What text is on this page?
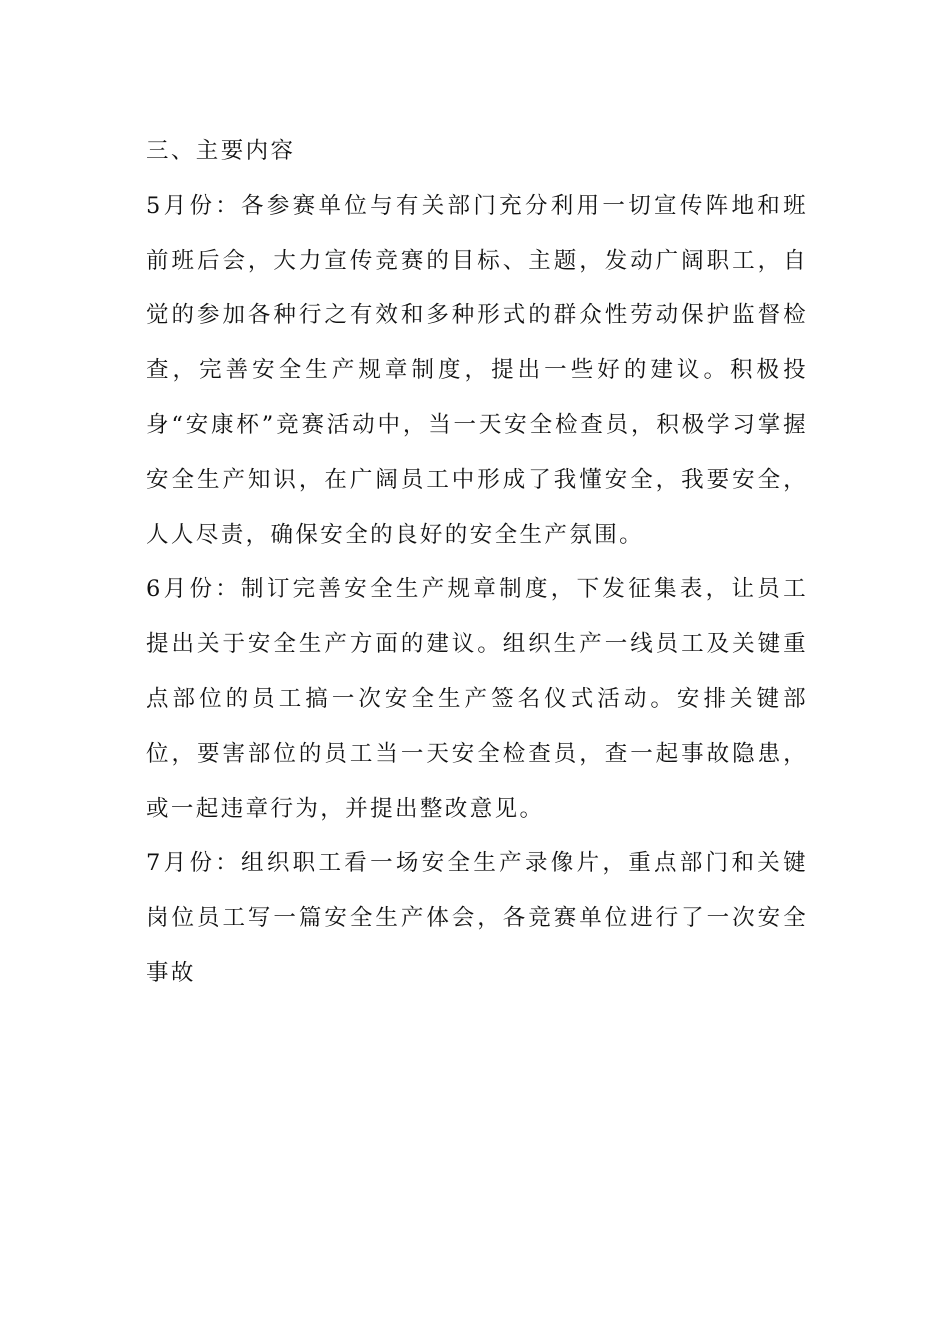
三、主要内容

5月份：各参赛单位与有关部门充分利用一切宣传阵地和班前班后会，大力宣传竞赛的目标、主题，发动广阔职工，自觉的参加各种行之有效和多种形式的群众性劳动保护监督检查，完善安全生产规章制度，提出一些好的建议。积极投身“安康杯”竞赛活动中，当一天安全检查员，积极学习掌握安全生产知识，在广阔员工中形成了我懂安全，我要安全，人人尽责，确保安全的良好的安全生产氛围。

6月份：制订完善安全生产规章制度，下发征集表，让员工提出关于安全生产方面的建议。组织生产一线员工及关键重点部位的员工搞一次安全生产签名仪式活动。安排关键部位，要害部位的员工当一天安全检查员，查一起事故隐患，或一起违章行为，并提出整改意见。

7月份：组织职工看一场安全生产录像片，重点部门和关键岗位员工写一篇安全生产体会，各竞赛单位进行了一次安全事故
